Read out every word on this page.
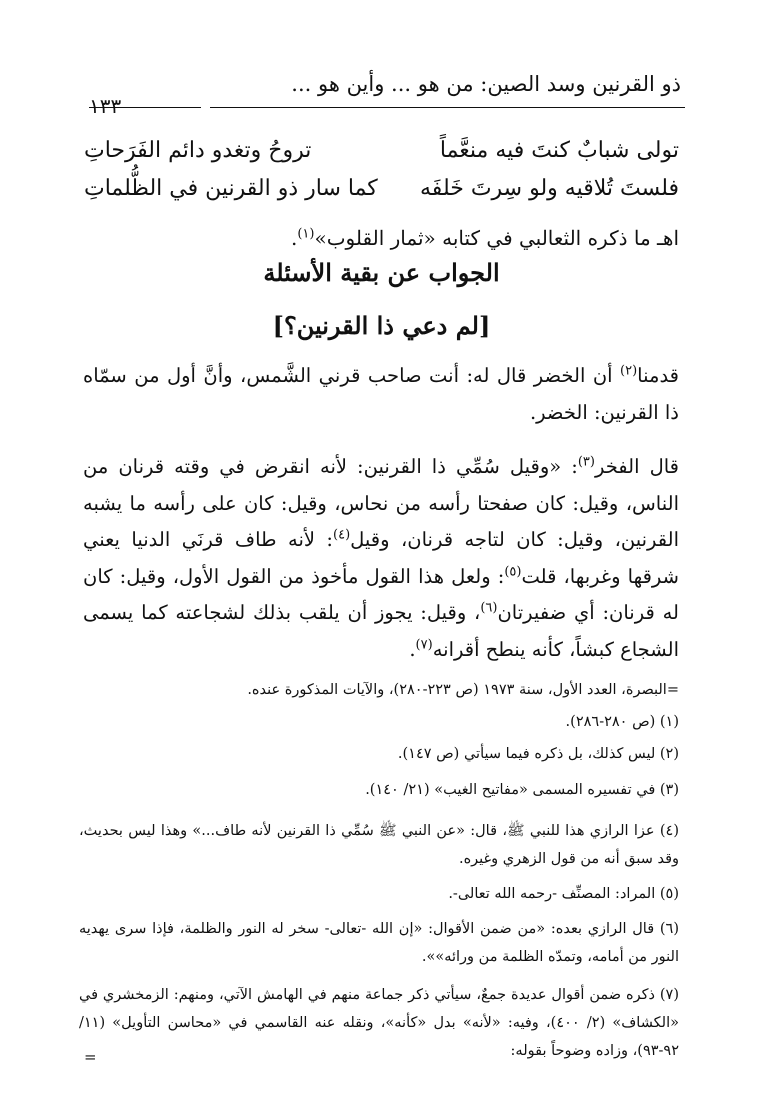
ذو القرنين وسد الصين: من هو ... وأين هو ...
١٣٣
تولى شبابٌ كنتَ فيه منعَّماً
تروحُ وتغدو دائم الفَرَحاتِ
فلستَ تُلاقيه ولو سِرتَ خَلفَه
كما سار ذو القرنين في الظُّلماتِ
اهـ ما ذكره الثعالبي في كتابه «ثمار القلوب»$^{(١)}$.
الجواب عن بقية الأسئلة
[لم دعي ذا القرنين؟]
قدمنا$^{(٢)}$ أن الخضر قال له: أنت صاحب قرني الشَّمس، وأنَّ أول من سمّاه ذا القرنين: الخضر.
قال الفخر$^{(٣)}$: «وقيل سُمِّي ذا القرنين: لأنه انقرض في وقته قرنان من الناس، وقيل: كان صفحتا رأسه من نحاس، وقيل: كان على رأسه ما يشبه القرنين، وقيل: كان لتاجه قرنان، وقيل$^{(٤)}$: لأنه طاف قرنَي الدنيا يعني شرقها وغربها، قلت$^{(٥)}$: ولعل هذا القول مأخوذ من القول الأول، وقيل: كان له قرنان: أي ضفيرتان$^{(٦)}$، وقيل: يجوز أن يلقب بذلك لشجاعته كما يسمى الشجاع كبشاً، كأنه ينطح أقرانه$^{(٧)}$.
=البصرة، العدد الأول، سنة ١٩٧٣ (ص ٢٢٣-٢٨٠)، والآيات المذكورة عنده.
(١) (ص ٢٨٠-٢٨٦).
(٢) ليس كذلك، بل ذكره فيما سيأتي (ص ١٤٧).
(٣) في تفسيره المسمى «مفاتيح الغيب» (٢١/ ١٤٠).
(٤) عزا الرازي هذا للنبي ﷺ، قال: «عن النبي ﷺ سُمِّي ذا القرنين لأنه طاف...» وهذا ليس بحديث، وقد سبق أنه من قول الزهري وغيره.
(٥) المراد: المصنِّف -رحمه الله تعالى-.
(٦) قال الرازي بعده: «من ضمن الأقوال: «إن الله -تعالى- سخر له النور والظلمة، فإذا سرى يهديه النور من أمامه، وتمدّه الظلمة من ورائه»».
(٧) ذكره ضمن أقوال عديدة جمعٌ، سيأتي ذكر جماعة منهم في الهامش الآتي، ومنهم: الزمخشري في «الكشاف» (٢/ ٤٠٠)، وفيه: «لأنه» بدل «كأنه»، ونقله عنه القاسمي في «محاسن التأويل» (١١/ ٩٢-٩٣)، وزاده وضوحاً بقوله:
=
